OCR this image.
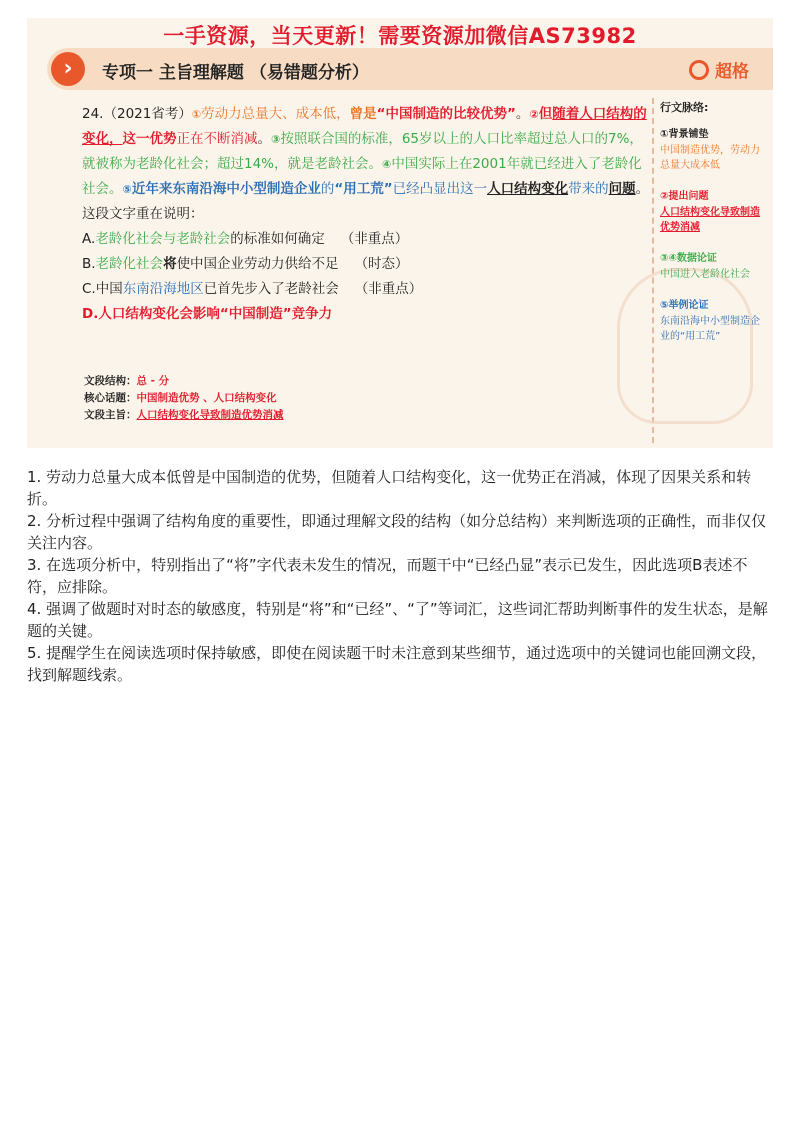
一手资源，当天更新！需要资源加微信AS73982
›	专项一 主旨理解题 （易错题分析）	超格

24.（2021省考）①劳动力总量大、成本低，曾是“中国制造的比较优势”。②但随着人口结构的变化，这一优势正在不断消减。③按照联合国的标准，65岁以上的人口比率超过总人口的7%，就被称为老龄化社会；超过14%，就是老龄社会。④中国实际上在2001年就已经进入了老龄化社会。⑤近年来东南沿海中小型制造企业的“用工荒”已经凸显出这一人口结构变化带来的问题。

这段文字重在说明：

A.老龄化社会与老龄社会的标准如何确定 （非重点）

B.老龄化社会将使中国企业劳动力供给不足 （时态）

C.中国东南沿海地区已首先步入了老龄社会 （非重点）

D.人口结构变化会影响“中国制造”竞争力

文段结构：总 - 分
核心话题：中国制造优势 、人口结构变化
文段主旨：人口结构变化导致制造优势消减
行文脉络:
①背景铺垫
中国制造优势，劳动力总量大成本低
②提出问题
人口结构变化导致制造优势消减
③④数据论证
中国进入老龄化社会
⑤举例论证
东南沿海中小型制造企业的“用工荒”

1. 劳动力总量大成本低曾是中国制造的优势，但随着人口结构变化，这一优势正在消减，体现了因果关系和转折。

2. 分析过程中强调了结构角度的重要性，即通过理解文段的结构（如分总结构）来判断选项的正确性，而非仅仅关注内容。

3. 在选项分析中，特别指出了“将”字代表未发生的情况，而题干中“已经凸显”表示已发生，因此选项B表述不符，应排除。

4. 强调了做题时对时态的敏感度，特别是“将”和“已经”、“了”等词汇，这些词汇帮助判断事件的发生状态，是解题的关键。

5. 提醒学生在阅读选项时保持敏感，即使在阅读题干时未注意到某些细节，通过选项中的关键词也能回溯文段，找到解题线索。
